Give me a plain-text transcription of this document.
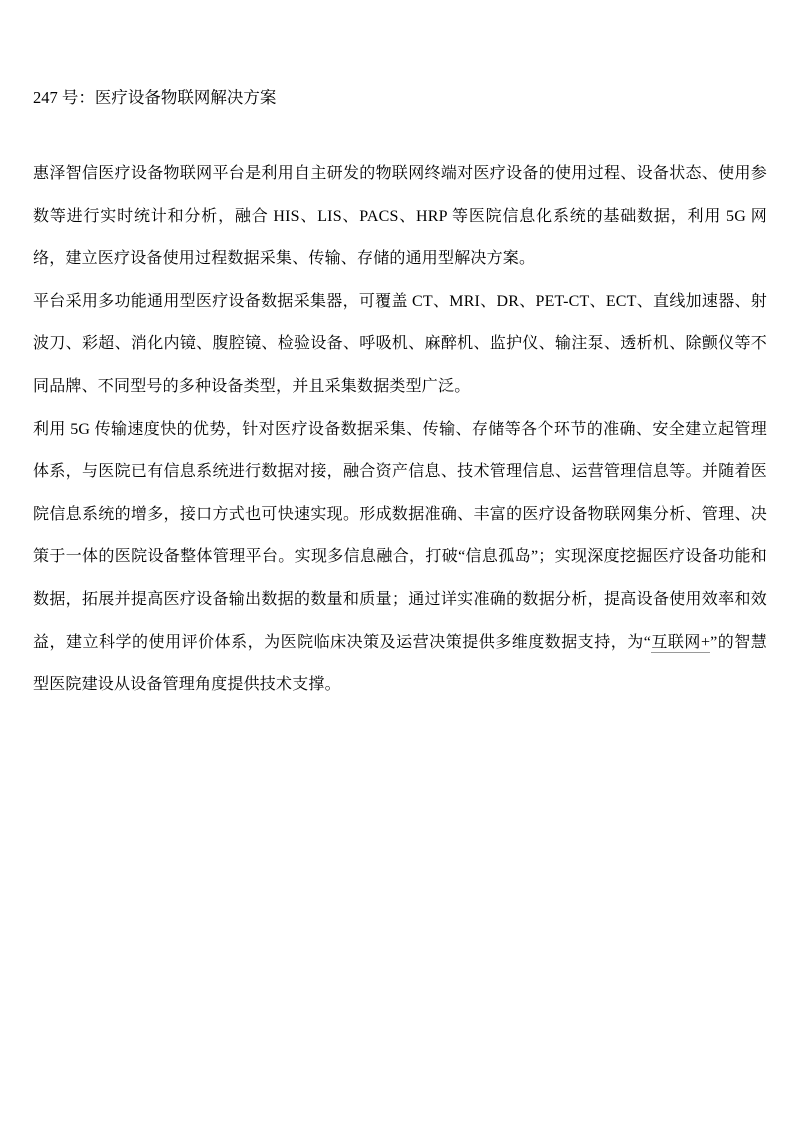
247 号：医疗设备物联网解决方案

惠泽智信医疗设备物联网平台是利用自主研发的物联网终端对医疗设备的使用过程、设备状态、使用参数等进行实时统计和分析，融合 HIS、LIS、PACS、HRP 等医院信息化系统的基础数据，利用 5G 网络，建立医疗设备使用过程数据采集、传输、存储的通用型解决方案。

平台采用多功能通用型医疗设备数据采集器，可覆盖 CT、MRI、DR、PET-CT、ECT、直线加速器、射波刀、彩超、消化内镜、腹腔镜、检验设备、呼吸机、麻醉机、监护仪、输注泵、透析机、除颤仪等不同品牌、不同型号的多种设备类型，并且采集数据类型广泛。

利用 5G 传输速度快的优势，针对医疗设备数据采集、传输、存储等各个环节的准确、安全建立起管理体系，与医院已有信息系统进行数据对接，融合资产信息、技术管理信息、运营管理信息等。并随着医院信息系统的增多，接口方式也可快速实现。形成数据准确、丰富的医疗设备物联网集分析、管理、决策于一体的医院设备整体管理平台。实现多信息融合，打破“信息孤岛”；实现深度挖掘医疗设备功能和数据，拓展并提高医疗设备输出数据的数量和质量；通过详实准确的数据分析，提高设备使用效率和效益，建立科学的使用评价体系，为医院临床决策及运营决策提供多维度数据支持，为“互联网+”的智慧型医院建设从设备管理角度提供技术支撑。
